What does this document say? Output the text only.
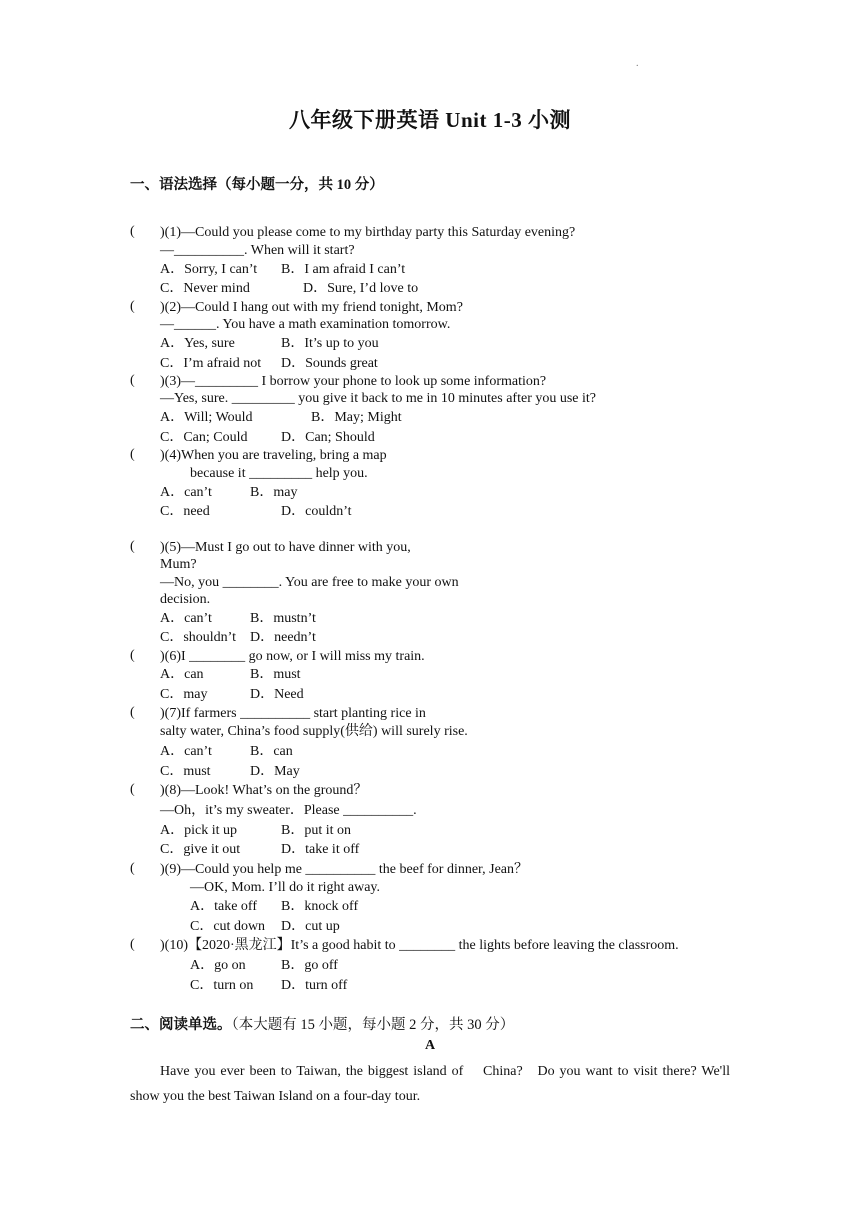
.
八年级下册英语 Unit 1-3 小测
一、语法选择（每小题一分，共 10 分）
( )(1)—Could you please come to my birthday party this Saturday evening?
—__________. When will it start?
A．Sorry, I can’t B．I am afraid I can’t
C．Never mind	D．Sure, I’d love to
( )(2)—Could I hang out with my friend tonight, Mom?
—______. You have a math examination tomorrow.
A．Yes, sure	B．It’s up to you
C．I’m afraid not D．Sounds great
( )(3)—_________ I borrow your phone to look up some information?
—Yes, sure. _________ you give it back to me in 10 minutes after you use it?
A．Will; Would	B．May; Might
C．Can; Could D．Can; Should
( )(4)When you are traveling, bring a map
because it _________ help you.
A．can’t	B．may
C．need	D．couldn’t
( )(5)—Must I go out to have dinner with you,
Mum?
—No, you ________. You are free to make your own
decision.
A．can’t	B．mustn’t
C．shouldn’t D．needn’t
( )(6)I ________ go now, or I will miss my train.
A．can	B．must
C．may	D．Need
( )(7)If farmers __________ start planting rice in
salty water, China’s food supply(供给) will surely rise.
A．can’t	B．can
C．must	D．May
( )(8)—Look! What’s on the ground？
—Oh，it’s my sweater．Please __________.
A．pick it up	B．put it on
C．give it out	D．take it off
( )(9)—Could you help me __________ the beef for dinner, Jean？
—OK, Mom. I’ll do it right away.
A．take off B．knock off
C．cut down D．cut up
( )(10)【2020·黑龙江】It’s a good habit to ________ the lights before leaving the classroom.
A．go on	B．go off
C．turn on D．turn off
二、阅读单选。（本大题有 15 小题，每小题 2 分，共 30 分）
A
Have you ever been to Taiwan, the biggest island of    China?   Do you want to visit there? We'll show you the best Taiwan Island on a four-day tour.
